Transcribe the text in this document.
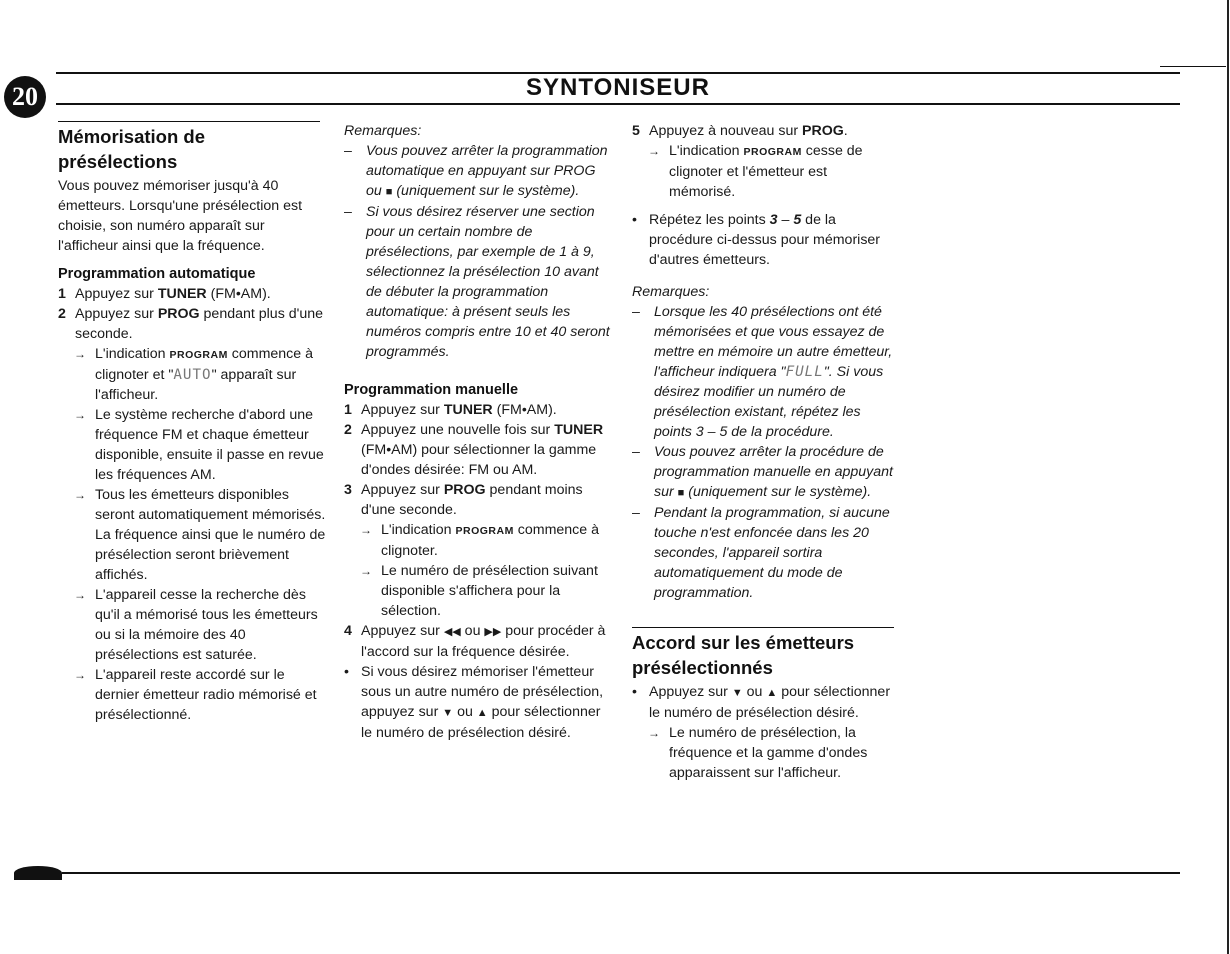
20	SYNTONISEUR
Mémorisation de présélections

Vous pouvez mémoriser jusqu'à 40 émetteurs. Lorsqu'une présélection est choisie, son numéro apparaît sur l'afficheur ainsi que la fréquence.

Programmation automatique
1 Appuyez sur TUNER (FM•AM).
2 Appuyez sur PROG pendant plus d'une seconde.
→ L'indication PROGRAM commence à clignoter et "AUTO" apparaît sur l'afficheur.
→ Le système recherche d'abord une fréquence FM et chaque émetteur disponible, ensuite il passe en revue les fréquences AM.
→ Tous les émetteurs disponibles seront automatiquement mémorisés. La fréquence ainsi que le numéro de présélection seront brièvement affichés.
→ L'appareil cesse la recherche dès qu'il a mémorisé tous les émetteurs ou si la mémoire des 40 présélections est saturée.
→ L'appareil reste accordé sur le dernier émetteur radio mémorisé et présélectionné.
Remarques:
– Vous pouvez arrêter la programmation automatique en appuyant sur PROG ou ■ (uniquement sur le système).
– Si vous désirez réserver une section pour un certain nombre de présélections, par exemple de 1 à 9, sélectionnez la présélection 10 avant de débuter la programmation automatique: à présent seuls les numéros compris entre 10 et 40 seront programmés.
Programmation manuelle
1 Appuyez sur TUNER (FM•AM).
2 Appuyez une nouvelle fois sur TUNER (FM•AM) pour sélectionner la gamme d'ondes désirée: FM ou AM.
3 Appuyez sur PROG pendant moins d'une seconde.
→ L'indication PROGRAM commence à clignoter.
→ Le numéro de présélection suivant disponible s'affichera pour la sélection.
4 Appuyez sur ◀◀ ou ▶▶ pour procéder à l'accord sur la fréquence désirée.
• Si vous désirez mémoriser l'émetteur sous un autre numéro de présélection, appuyez sur ▼ ou ▲ pour sélectionner le numéro de présélection désiré.
5 Appuyez à nouveau sur PROG.
→ L'indication PROGRAM cesse de clignoter et l'émetteur est mémorisé.
• Répétez les points 3 – 5 de la procédure ci-dessus pour mémoriser d'autres émetteurs.
Remarques:
– Lorsque les 40 présélections ont été mémorisées et que vous essayez de mettre en mémoire un autre émetteur, l'afficheur indiquera "FULL". Si vous désirez modifier un numéro de présélection existant, répétez les points 3 – 5 de la procédure.
– Vous pouvez arrêter la procédure de programmation manuelle en appuyant sur ■ (uniquement sur le système).
– Pendant la programmation, si aucune touche n'est enfoncée dans les 20 secondes, l'appareil sortira automatiquement du mode de programmation.
Accord sur les émetteurs présélectionnés
• Appuyez sur ▼ ou ▲ pour sélectionner le numéro de présélection désiré.
→ Le numéro de présélection, la fréquence et la gamme d'ondes apparaissent sur l'afficheur.
